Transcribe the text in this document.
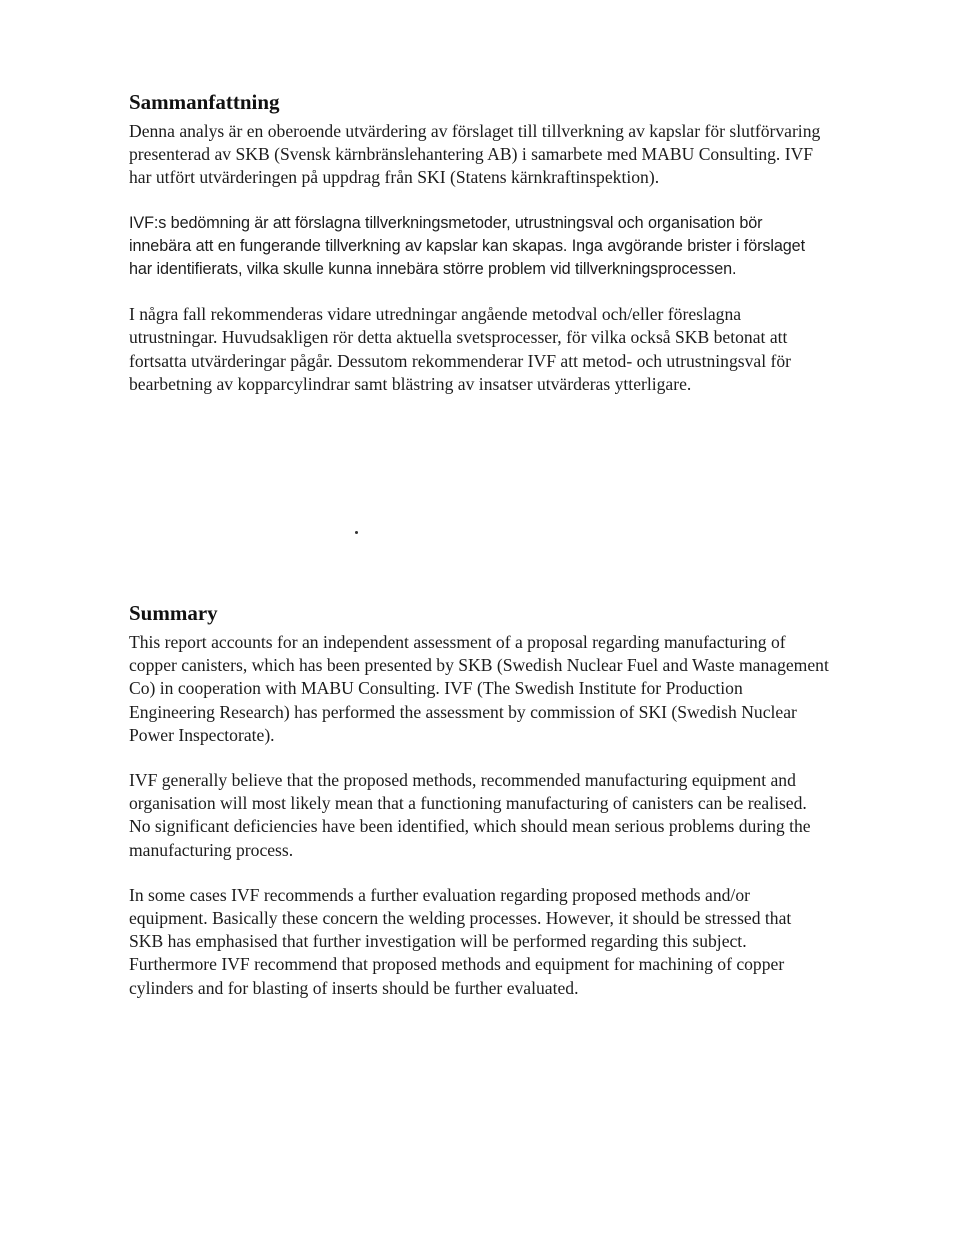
Sammanfattning

Denna analys är en oberoende utvärdering av förslaget till tillverkning av kapslar för slutförvaring presenterad av SKB (Svensk kärnbränslehantering AB) i samarbete med MABU Consulting. IVF har utfört utvärderingen på uppdrag från SKI (Statens kärnkraftinspektion).

IVF:s bedömning är att förslagna tillverkningsmetoder, utrustningsval och organisation bör innebära att en fungerande tillverkning av kapslar kan skapas. Inga avgörande brister i förslaget har identifierats, vilka skulle kunna innebära större problem vid tillverkningsprocessen.

I några fall rekommenderas vidare utredningar angående metodval och/eller föreslagna utrustningar. Huvudsakligen rör detta aktuella svetsprocesser, för vilka också SKB betonat att fortsatta utvärderingar pågår. Dessutom rekommenderar IVF att metod- och utrustningsval för bearbetning av kopparcylindrar samt blästring av insatser utvärderas ytterligare.

Summary

This report accounts for an independent assessment of a proposal regarding manufacturing of copper canisters, which has been presented by SKB (Swedish Nuclear Fuel and Waste management Co) in cooperation with MABU Consulting. IVF (The Swedish Institute for Production Engineering Research) has performed the assessment by commission of SKI (Swedish Nuclear Power Inspectorate).

IVF generally believe that the proposed methods, recommended manufacturing equipment and organisation will most likely mean that a functioning manufacturing of canisters can be realised. No significant deficiencies have been identified, which should mean serious problems during the manufacturing process.

In some cases IVF recommends a further evaluation regarding proposed methods and/or equipment. Basically these concern the welding processes. However, it should be stressed that SKB has emphasised that further investigation will be performed regarding this subject. Furthermore IVF recommend that proposed methods and equipment for machining of copper cylinders and for blasting of inserts should be further evaluated.
